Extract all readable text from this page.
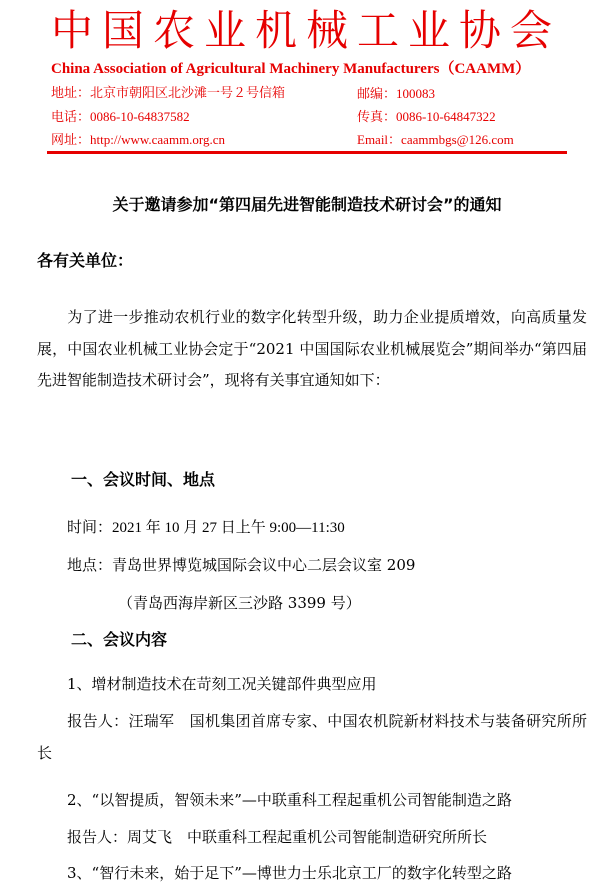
中国农业机械工业协会
China Association of Agricultural Machinery Manufacturers（CAAMM）
地址：北京市朝阳区北沙滩一号２号信箱	邮编：100083
电话：0086-10-64837582	传真：0086-10-64847322
网址：http://www.caamm.org.cn	Email：caammbgs@126.com
关于邀请参加“第四届先进智能制造技术研讨会”的通知
各有关单位：
为了进一步推动农机行业的数字化转型升级，助力企业提质增效，向高质量发展，中国农业机械工业协会定于“2021 中国国际农业机械展览会”期间举办“第四届先进智能制造技术研讨会”，现将有关事宜通知如下：
一、会议时间、地点
时间：2021 年 10 月 27 日上午 9:00—11:30
地点：青岛世界博览城国际会议中心二层会议室 209
（青岛西海岸新区三沙路 3399 号）
二、会议内容
1、增材制造技术在苛刻工况关键部件典型应用
报告人：汪瑞军　国机集团首席专家、中国农机院新材料技术与装备研究所所长
2、“以智提质，智领未来”—中联重科工程起重机公司智能制造之路
报告人：周艾飞　中联重科工程起重机公司智能制造研究所所长
3、“智行未来，始于足下”—博世力士乐北京工厂的数字化转型之路
